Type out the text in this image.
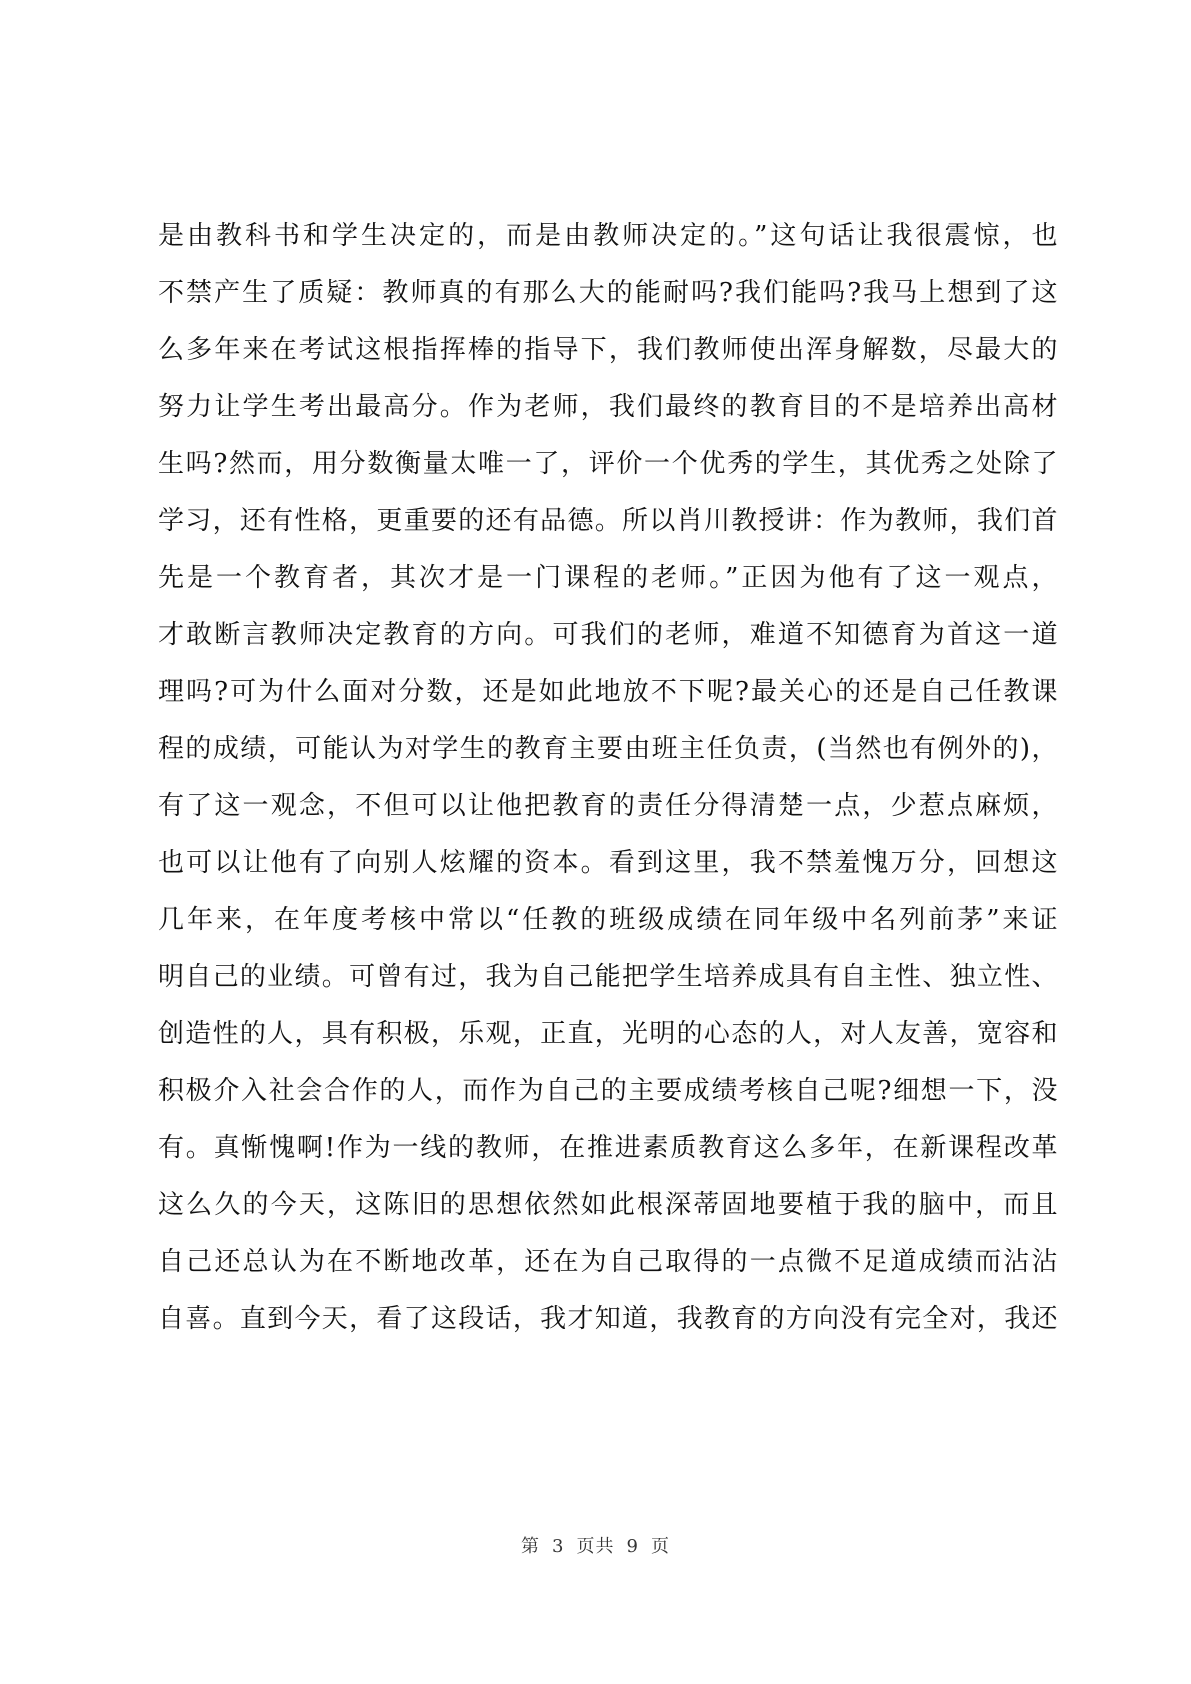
是由教科书和学生决定的，而是由教师决定的。”这句话让我很震惊，也
不禁产生了质疑：教师真的有那么大的能耐吗?我们能吗?我马上想到了这
么多年来在考试这根指挥棒的指导下，我们教师使出浑身解数，尽最大的
努力让学生考出最高分。作为老师，我们最终的教育目的不是培养出高材
生吗?然而，用分数衡量太唯一了，评价一个优秀的学生，其优秀之处除了
学习，还有性格，更重要的还有品德。所以肖川教授讲：作为教师，我们首
先是一个教育者，其次才是一门课程的老师。”正因为他有了这一观点，
才敢断言教师决定教育的方向。可我们的老师，难道不知德育为首这一道
理吗?可为什么面对分数，还是如此地放不下呢?最关心的还是自己任教课
程的成绩，可能认为对学生的教育主要由班主任负责，(当然也有例外的)，
有了这一观念，不但可以让他把教育的责任分得清楚一点，少惹点麻烦，
也可以让他有了向别人炫耀的资本。看到这里，我不禁羞愧万分，回想这
几年来，在年度考核中常以“任教的班级成绩在同年级中名列前茅”来证
明自己的业绩。可曾有过，我为自己能把学生培养成具有自主性、独立性、
创造性的人，具有积极，乐观，正直，光明的心态的人，对人友善，宽容和
积极介入社会合作的人，而作为自己的主要成绩考核自己呢?细想一下，没
有。真惭愧啊!作为一线的教师，在推进素质教育这么多年，在新课程改革
这么久的今天，这陈旧的思想依然如此根深蒂固地要植于我的脑中，而且
自己还总认为在不断地改革，还在为自己取得的一点微不足道成绩而沾沾
自喜。直到今天，看了这段话，我才知道，我教育的方向没有完全对，我还
第 3 页共 9 页
